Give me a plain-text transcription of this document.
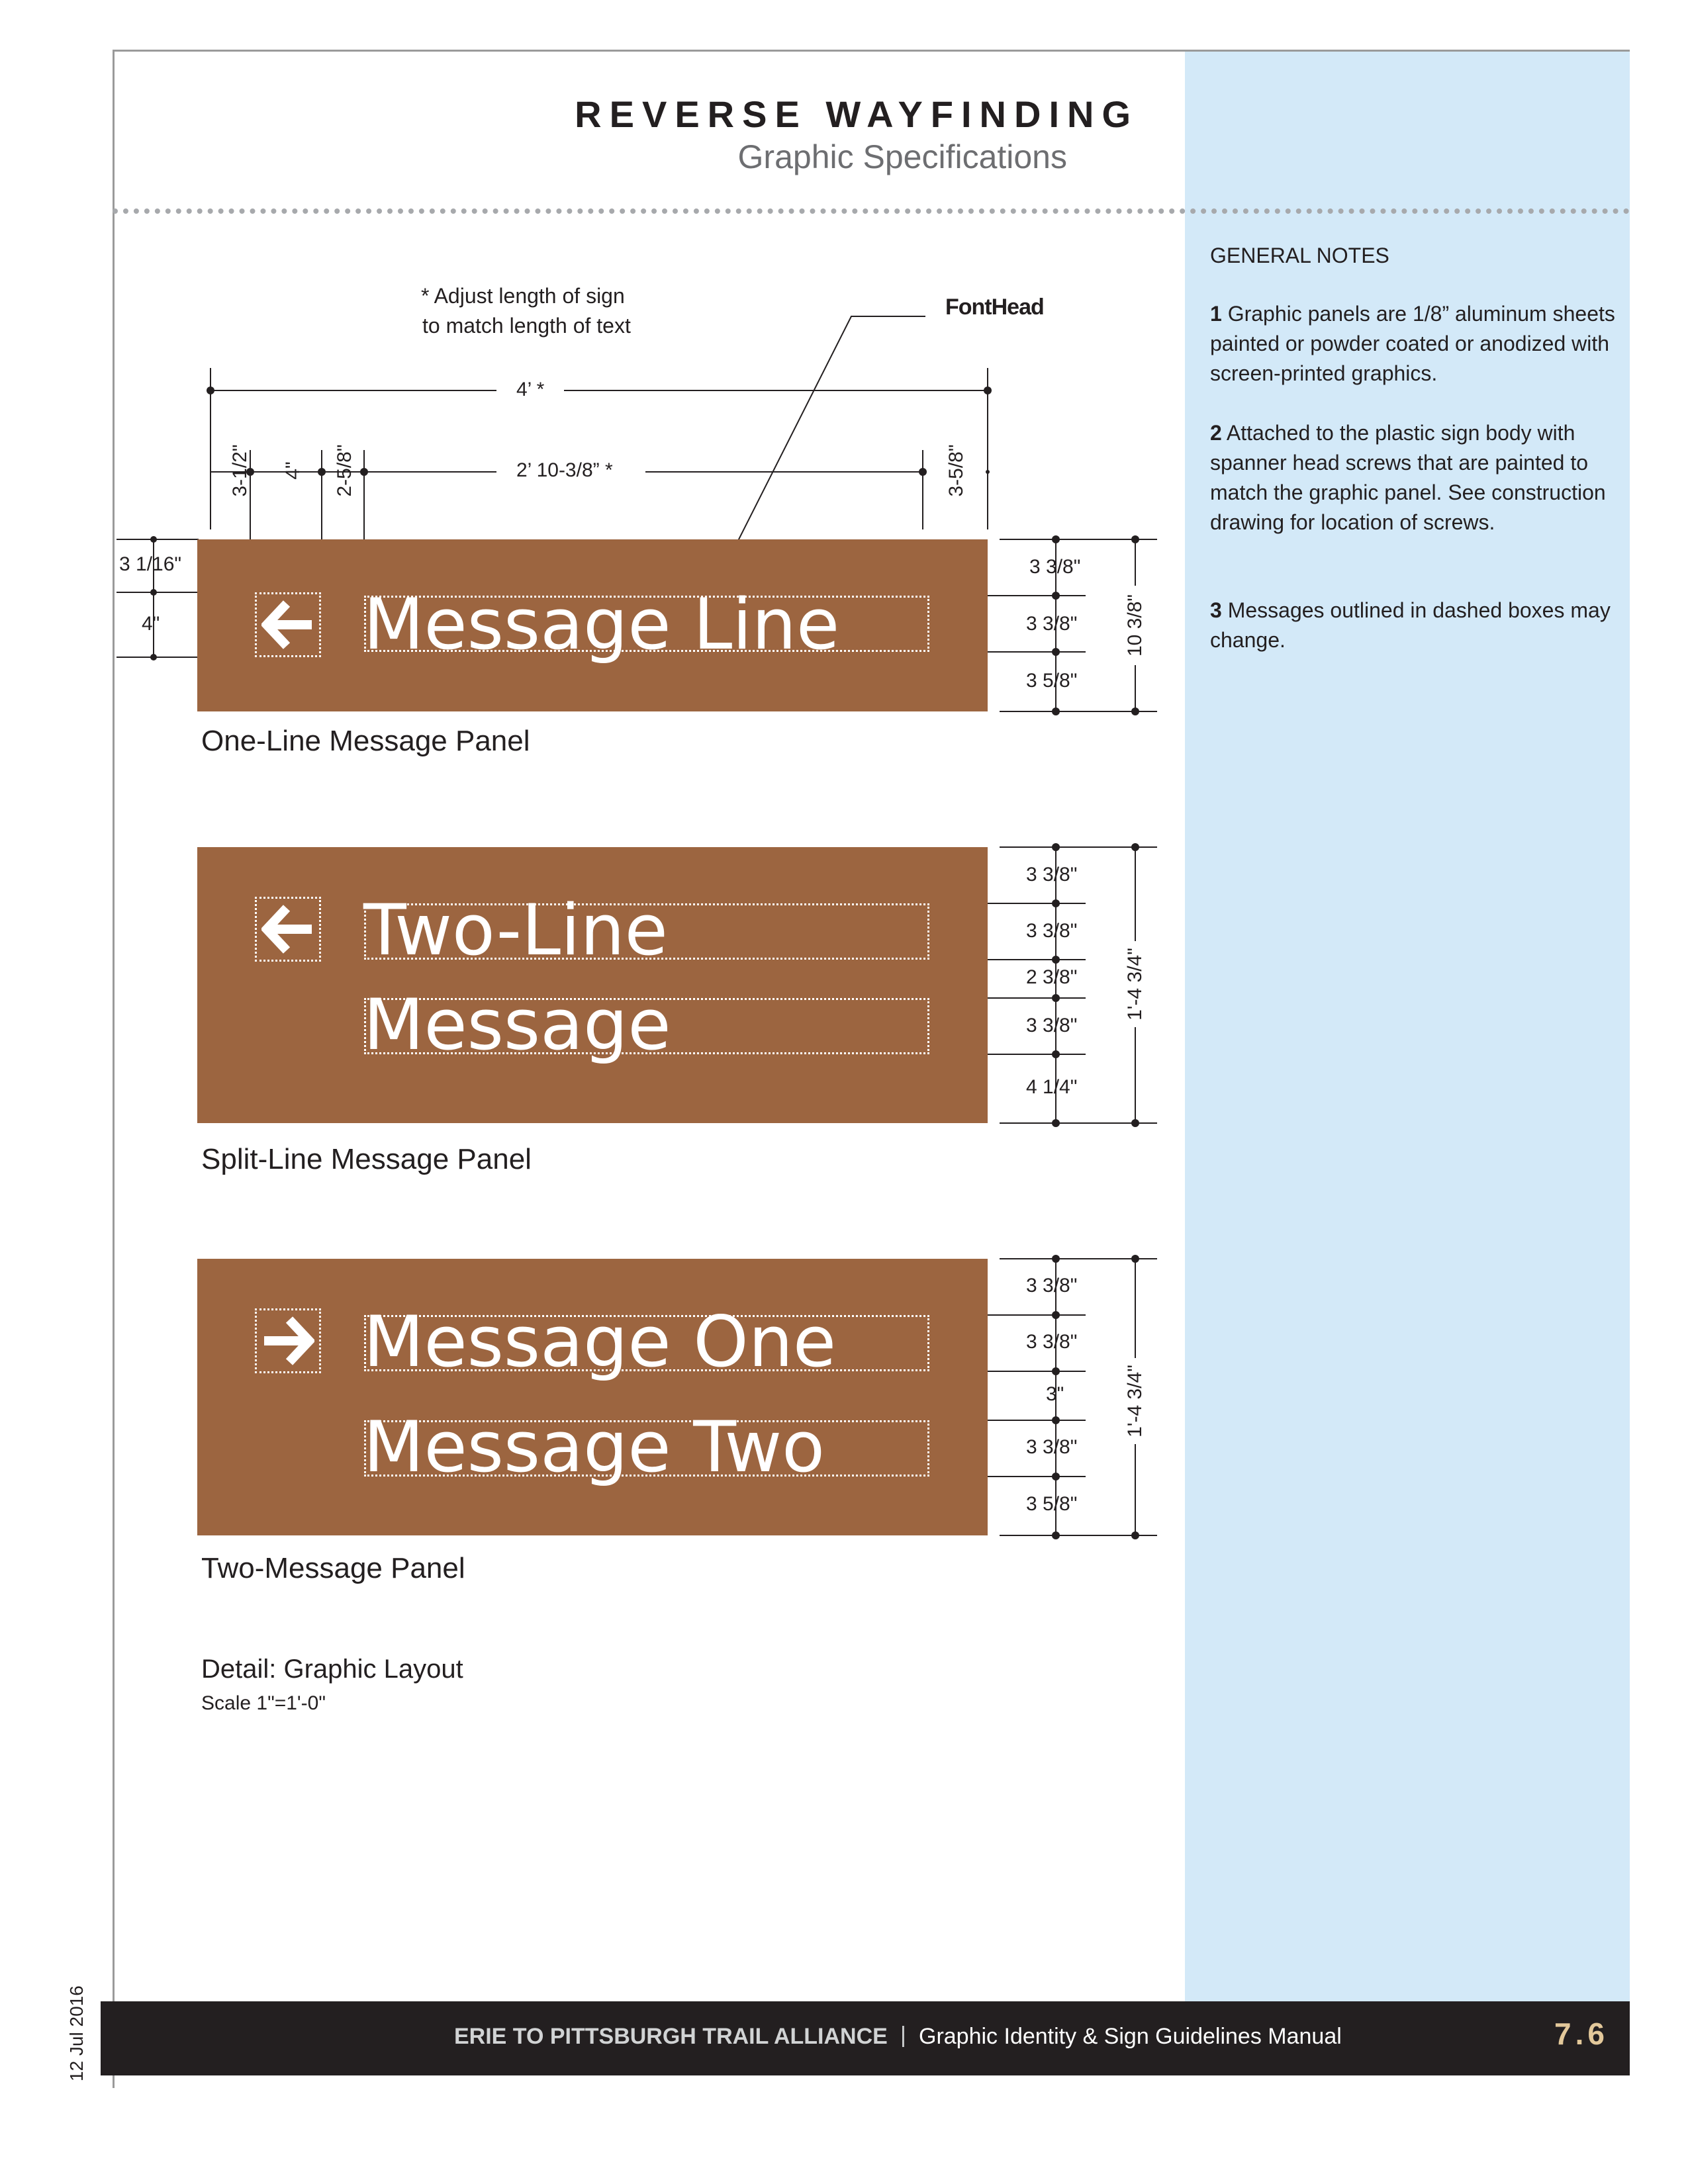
REVERSE WAYFINDING
Graphic Specifications
GENERAL NOTES
1 Graphic panels are 1/8” aluminum sheets painted or powder coated or anodized with screen-printed graphics.
2 Attached to the plastic sign body with spanner head screws that are painted to match the graphic panel. See construction drawing for location of screws.
3 Messages outlined in dashed boxes may change.
* Adjust length of sign
to match length of text
FontHead
4’ *
2’ 10-3/8” *
3-1/2" 4" 2-5/8"	3-5/8"
Message Line
3 1/16"
4"
3 3/8"
3 3/8"
3 5/8"
10 3/8"
One-Line Message Panel
Two-Line
Message
3 3/8"
3 3/8"
2 3/8"
3 3/8"
4 1/4"
1'-4 3/4"
Split-Line Message Panel
Message One
Message Two
3 3/8"
3 3/8"
3"
3 3/8"
3 5/8"
1'-4 3/4"
Two-Message Panel
Detail: Graphic Layout
Scale 1"=1'-0"
ERIE TO PITTSBURGH TRAIL ALLIANCE | Graphic Identity & Sign Guidelines Manual	7.6
12 Jul 2016
